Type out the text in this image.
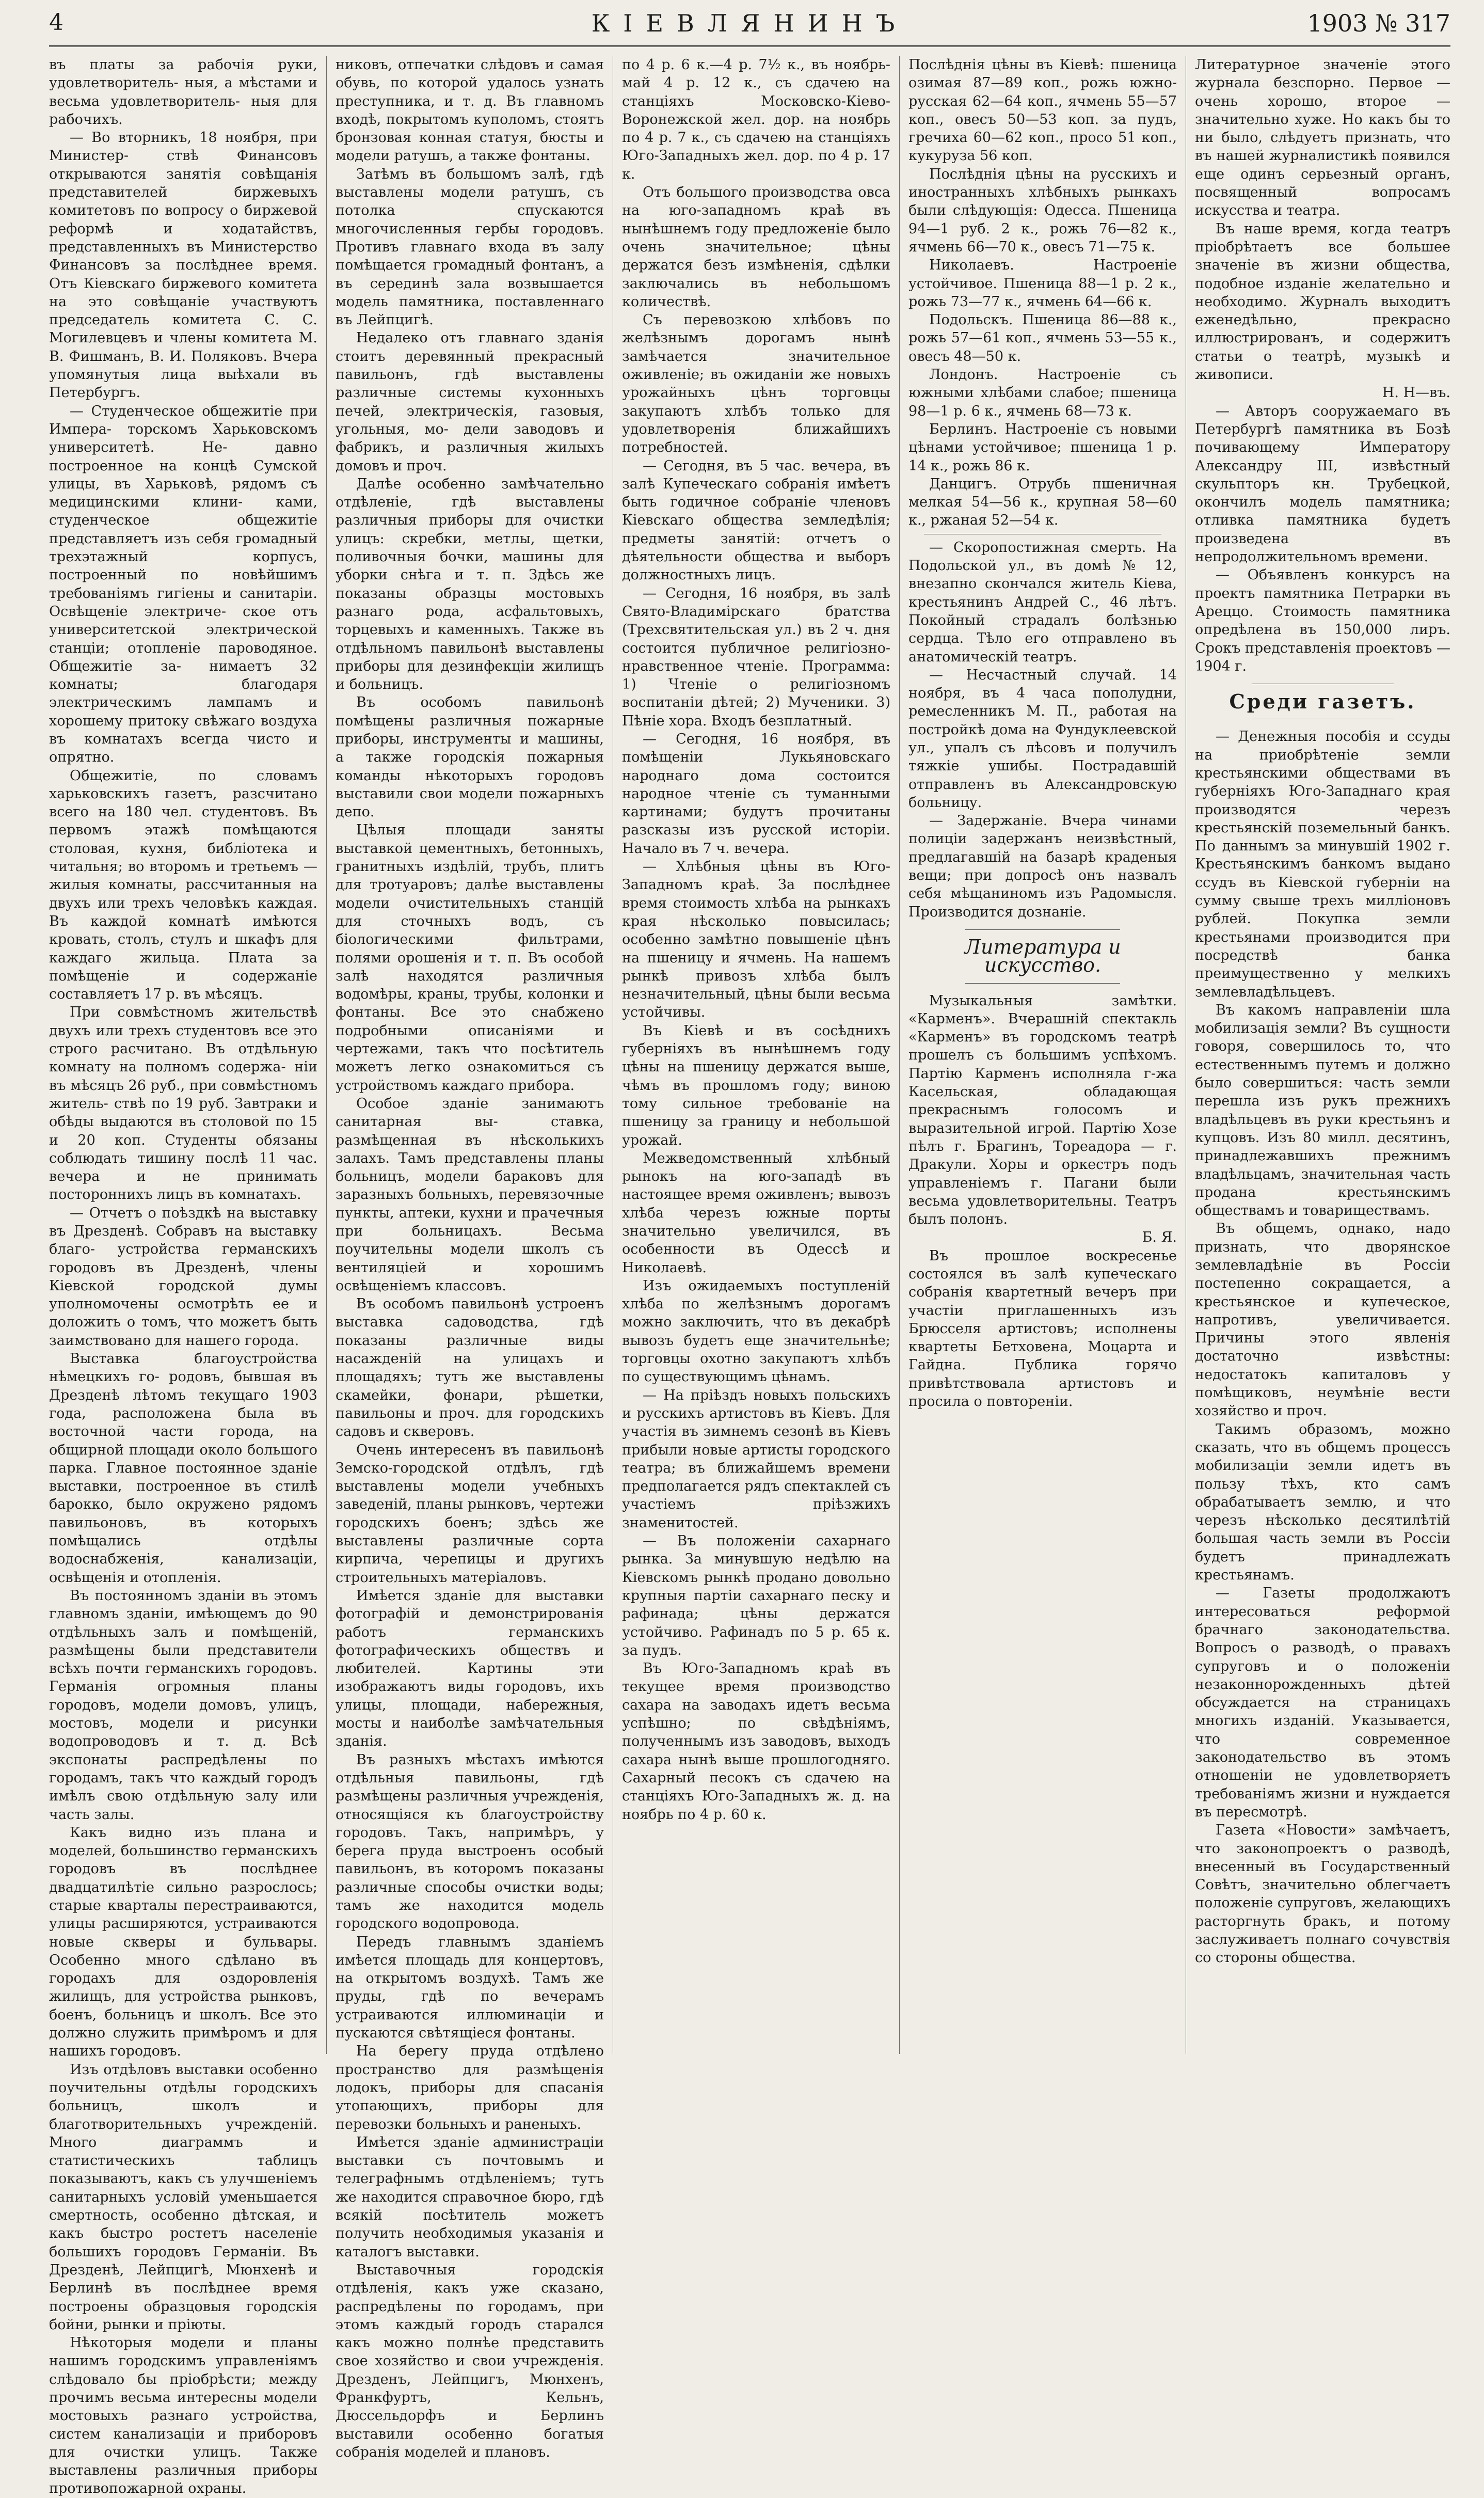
4	КІЕВЛЯНИНЪ	1903 № 317

въ платы за рабочія руки, удовлетворитель- ныя, а мѣстами и весьма удовлетворитель- ныя для рабочихъ.

— Во вторникъ, 18 ноября, при Министер- ствѣ Финансовъ открываются занятія совѣщанія представителей биржевыхъ комитетовъ по вопросу о биржевой реформѣ и ходатайствъ, представленныхъ въ Министерство Финансовъ за послѣднее время. Отъ Кіевскаго биржевого комитета на это совѣщаніе участвуютъ председатель комитета С. С. Могилевцевъ и члены комитета М. В. Фишманъ, В. И. Поляковъ. Вчера упомянутыя лица выѣхали въ Петербургъ.

— Студенческое общежитіе при Импера- торскомъ Харьковскомъ университетѣ. Не- давно построенное на концѣ Сумской улицы, въ Харьковѣ, рядомъ съ медицинскими клини- ками, студенческое общежитіе представляетъ изъ себя громадный трехэтажный корпусъ, построенный по новѣйшимъ требованіямъ гигіены и санитаріи. Освѣщеніе электриче- ское отъ университетской электрической станціи; отопленіе пароводяное. Общежитіе за- нимаетъ 32 комнаты; благодаря электрическимъ лампамъ и хорошему притоку свѣжаго воздуха въ комнатахъ всегда чисто и опрятно.

Общежитіе, по словамъ харьковскихъ газетъ, разсчитано всего на 180 чел. студентовъ. Въ первомъ этажѣ помѣщаются столовая, кухня, библіотека и читальня; во второмъ и третьемъ — жилыя комнаты, рассчитанныя на двухъ или трехъ человѣкъ каждая. Въ каждой комнатѣ имѣются кровать, столъ, стулъ и шкафъ для каждаго жильца. Плата за помѣщеніе и содержаніе составляетъ 17 р. въ мѣсяцъ.

При совмѣстномъ жительствѣ двухъ или трехъ студентовъ все это строго расчитано. Въ отдѣльную комнату на полномъ содержа- ніи въ мѣсяцъ 26 руб., при совмѣстномъ житель- ствѣ по 19 руб. Завтраки и обѣды выдаются въ столовой по 15 и 20 коп. Студенты обязаны соблюдать тишину послѣ 11 час. вечера и не принимать постороннихъ лицъ въ комнатахъ.

— Отчетъ о поѣздкѣ на выставку въ Дрезденѣ. Собравъ на выставку благо- устройства германскихъ городовъ въ Дрезденѣ, члены Кіевской городской думы уполномочены осмотрѣть ее и доложить о томъ, что можетъ быть заимствовано для нашего города.

Выставка благоустройства нѣмецкихъ го- родовъ, бывшая въ Дрезденѣ лѣтомъ текущаго 1903 года, расположена была въ восточной части города, на общирной площади около большого парка. Главное постоянное зданіе выставки, построенное въ стилѣ барокко, было окружено рядомъ павильоновъ, въ которыхъ помѣщались отдѣлы водоснабженія, канализаціи, освѣщенія и отопленія.

Въ постоянномъ зданіи въ этомъ главномъ зданіи, имѣющемъ до 90 отдѣльныхъ залъ и помѣщеній, размѣщены были представители всѣхъ почти германскихъ городовъ. Германія огромныя планы городовъ, модели домовъ, улицъ, мостовъ, модели и рисунки водопроводовъ и т. д. Всѣ экспонаты распредѣлены по городамъ, такъ что каждый городъ имѣлъ свою отдѣльную залу или часть залы.

Какъ видно изъ плана и моделей, большинство германскихъ городовъ въ послѣднее двадцатилѣтіе сильно разрослось; старые кварталы перестраиваются, улицы расширяются, устраиваются новые скверы и бульвары. Особенно много сдѣлано въ городахъ для оздоровленія жилищъ, для устройства рынковъ, боенъ, больницъ и школъ. Все это должно служить примѣромъ и для нашихъ городовъ.

Изъ отдѣловъ выставки особенно поучительны отдѣлы городскихъ больницъ, школъ и благотворительныхъ учрежденій. Много диаграммъ и статистическихъ таблицъ показываютъ, какъ съ улучшеніемъ санитарныхъ условій уменьшается смертность, особенно дѣтская, и какъ быстро ростетъ населеніе большихъ городовъ Германіи. Въ Дрезденѣ, Лейпцигѣ, Мюнхенѣ и Берлинѣ въ послѣднее время построены образцовыя городскія бойни, рынки и пріюты.

Нѣкоторыя модели и планы нашимъ городскимъ управленіямъ слѣдовало бы пріобрѣсти; между прочимъ весьма интересны модели мостовыхъ разнаго устройства, систем канализаціи и приборовъ для очистки улицъ. Также выставлены различныя приборы противопожарной охраны.

никовъ, отпечатки слѣдовъ и самая обувь, по которой удалось узнать преступника, и т. д. Въ главномъ входѣ, покрытомъ куполомъ, стоятъ бронзовая конная статуя, бюсты и модели ратушъ, а также фонтаны.

Затѣмъ въ большомъ залѣ, гдѣ выставлены модели ратушъ, съ потолка спускаются многочисленныя гербы городовъ. Противъ главнаго входа въ залу помѣщается громадный фонтанъ, а въ серединѣ зала возвышается модель памятника, поставленнаго въ Лейпцигѣ.

Недалеко отъ главнаго зданія стоитъ деревянный прекрасный павильонъ, гдѣ выставлены различные системы кухонныхъ печей, электрическія, газовыя, угольныя, мо- дели заводовъ и фабрикъ, и различныя жилыхъ домовъ и проч.

Далѣе особенно замѣчательно отдѣленіе, гдѣ выставлены различныя приборы для очистки улицъ: скребки, метлы, щетки, поливочныя бочки, машины для уборки снѣга и т. п. Здѣсь же показаны образцы мостовыхъ разнаго рода, асфальтовыхъ, торцевыхъ и каменныхъ. Также въ отдѣльномъ павильонѣ выставлены приборы для дезинфекціи жилищъ и больницъ.

Въ особомъ павильонѣ помѣщены различныя пожарные приборы, инструменты и машины, а также городскія пожарныя команды нѣкоторыхъ городовъ выставили свои модели пожарныхъ депо.

Цѣлыя площади заняты выставкой цементныхъ, бетонныхъ, гранитныхъ издѣлій, трубъ, плитъ для тротуаровъ; далѣе выставлены модели очистительныхъ станцій для сточныхъ водъ, съ біологическими фильтрами, полями орошенія и т. п. Въ особой залѣ находятся различныя водомѣры, краны, трубы, колонки и фонтаны. Все это снабжено подробными описаніями и чертежами, такъ что посѣтитель можетъ легко ознакомиться съ устройствомъ каждаго прибора.

Особое зданіе занимаютъ санитарная вы- ставка, размѣщенная въ нѣсколькихъ залахъ. Тамъ представлены планы больницъ, модели бараковъ для заразныхъ больныхъ, перевязочные пункты, аптеки, кухни и прачечныя при больницахъ. Весьма поучительны модели школъ съ вентиляціей и хорошимъ освѣщеніемъ классовъ.

Въ особомъ павильонѣ устроенъ выставка садоводства, гдѣ показаны различные виды насажденій на улицахъ и площадяхъ; тутъ же выставлены скамейки, фонари, рѣшетки, павильоны и проч. для городскихъ садовъ и скверовъ.

Очень интересенъ въ павильонѣ Земско-городской отдѣлъ, гдѣ выставлены модели учебныхъ заведеній, планы рынковъ, чертежи городскихъ боенъ; здѣсь же выставлены различные сорта кирпича, черепицы и другихъ строительныхъ матеріаловъ.

Имѣется зданіе для выставки фотографій и демонстрированія работъ германскихъ фотографическихъ обществъ и любителей. Картины эти изображаютъ виды городовъ, ихъ улицы, площади, набережныя, мосты и наиболѣе замѣчательныя зданія.

Въ разныхъ мѣстахъ имѣются отдѣльныя павильоны, гдѣ размѣщены различныя учрежденія, относящіяся къ благоустройству городовъ. Такъ, напримѣръ, у берега пруда выстроенъ особый павильонъ, въ которомъ показаны различные способы очистки воды; тамъ же находится модель городского водопровода.

Передъ главнымъ зданіемъ имѣется площадь для концертовъ, на открытомъ воздухѣ. Тамъ же пруды, гдѣ по вечерамъ устраиваются иллюминаціи и пускаются свѣтящіеся фонтаны.

На берегу пруда отдѣлено пространство для размѣщенія лодокъ, приборы для спасанія утопающихъ, приборы для перевозки больныхъ и раненыхъ.

Имѣется зданіе администраціи выставки съ почтовымъ и телеграфнымъ отдѣленіемъ; тутъ же находится справочное бюро, гдѣ всякій посѣтитель можетъ получить необходимыя указанія и каталогъ выставки.

Выставочныя городскія отдѣленія, какъ уже сказано, распредѣлены по городамъ, при этомъ каждый городъ старался какъ можно полнѣе представить свое хозяйство и свои учрежденія. Дрезденъ, Лейпцигъ, Мюнхенъ, Франкфуртъ, Кельнъ, Дюссельдорфъ и Берлинъ выставили особенно богатыя собранія моделей и плановъ.

по 4 р. 6 к.—4 р. 7½ к., въ ноябрь-май 4 р. 12 к., съ сдачею на станціяхъ Московско-Кіево-Воронежской жел. дор. на ноябрь по 4 р. 7 к., съ сдачею на станціяхъ Юго-Западныхъ жел. дор. по 4 р. 17 к.

Отъ большого производства овса на юго-западномъ краѣ въ нынѣшнемъ году предложеніе было очень значительное; цѣны держатся безъ измѣненія, сдѣлки заключались въ небольшомъ количествѣ.

Съ перевозкою хлѣбовъ по желѣзнымъ дорогамъ нынѣ замѣчается значительное оживленіе; въ ожиданіи же новыхъ урожайныхъ цѣнъ торговцы закупаютъ хлѣбъ только для удовлетворенія ближайшихъ потребностей.

— Сегодня, въ 5 час. вечера, въ залѣ Купеческаго собранія имѣетъ быть годичное собраніе членовъ Кіевскаго общества земледѣлія; предметы занятій: отчетъ о дѣятельности общества и выборъ должностныхъ лицъ.

— Сегодня, 16 ноября, въ залѣ Свято-Владимірскаго братства (Трехсвятительская ул.) въ 2 ч. дня состоится публичное религіозно-нравственное чтеніе. Программа: 1) Чтеніе о религіозномъ воспитаніи дѣтей; 2) Мученики. 3) Пѣніе хора. Входъ безплатный.

— Сегодня, 16 ноября, въ помѣщеніи Лукьяновскаго народнаго дома состоится народное чтеніе съ туманными картинами; будутъ прочитаны разсказы изъ русской исторіи. Начало въ 7 ч. вечера.

— Хлѣбныя цѣны въ Юго-Западномъ краѣ. За послѣднее время стоимость хлѣба на рынкахъ края нѣсколько повысилась; особенно замѣтно повышеніе цѣнъ на пшеницу и ячмень. На нашемъ рынкѣ привозъ хлѣба былъ незначительный, цѣны были весьма устойчивы.

Въ Кіевѣ и въ сосѣднихъ губерніяхъ въ нынѣшнемъ году цѣны на пшеницу держатся выше, чѣмъ въ прошломъ году; виною тому сильное требованіе на пшеницу за границу и небольшой урожай.

Межведомственный хлѣбный рынокъ на юго-западѣ въ настоящее время оживленъ; вывозъ хлѣба черезъ южные порты значительно увеличился, въ особенности въ Одессѣ и Николаевѣ.

Изъ ожидаемыхъ поступленій хлѣба по желѣзнымъ дорогамъ можно заключить, что въ декабрѣ вывозъ будетъ еще значительнѣе; торговцы охотно закупаютъ хлѣбъ по существующимъ цѣнамъ.

— На пріѣздъ новыхъ польскихъ и русскихъ артистовъ въ Кіевъ. Для участія въ зимнемъ сезонѣ въ Кіевъ прибыли новые артисты городского театра; въ ближайшемъ времени предполагается рядъ спектаклей съ участіемъ пріѣзжихъ знаменитостей.

— Въ положеніи сахарнаго рынка. За минувшую недѣлю на Кіевскомъ рынкѣ продано довольно крупныя партіи сахарнаго песку и рафинада; цѣны держатся устойчиво. Рафинадъ по 5 р. 65 к. за пудъ.

Въ Юго-Западномъ краѣ въ текущее время производство сахара на заводахъ идетъ весьма успѣшно; по свѣдѣніямъ, полученнымъ изъ заводовъ, выходъ сахара нынѣ выше прошлогодняго. Сахарный песокъ съ сдачею на станціяхъ Юго-Западныхъ ж. д. на ноябрь по 4 р. 60 к.

Послѣднія цѣны въ Кіевѣ: пшеница озимая 87—89 коп., рожь южно-русская 62—64 коп., ячмень 55—57 коп., овесъ 50—53 коп. за пудъ, гречиха 60—62 коп., просо 51 коп., кукуруза 56 коп.

Послѣднія цѣны на русскихъ и иностранныхъ хлѣбныхъ рынкахъ были слѣдующія: Одесса. Пшеница 94—1 руб. 2 к., рожь 76—82 к., ячмень 66—70 к., овесъ 71—75 к.

Николаевъ. Настроеніе устойчивое. Пшеница 88—1 р. 2 к., рожь 73—77 к., ячмень 64—66 к.

Подольскъ. Пшеница 86—88 к., рожь 57—61 коп., ячмень 53—55 к., овесъ 48—50 к.

Лондонъ. Настроеніе съ южными хлѣбами слабое; пшеница 98—1 р. 6 к., ячмень 68—73 к.

Берлинъ. Настроеніе съ новыми цѣнами устойчивое; пшеница 1 р. 14 к., рожь 86 к.

Данцигъ. Отрубь пшеничная мелкая 54—56 к., крупная 58—60 к., ржаная 52—54 к.

— Скоропостижная смерть. На Подольской ул., въ домѣ № 12, внезапно скончался житель Кіева, крестьянинъ Андрей С., 46 лѣтъ. Покойный страдалъ болѣзнью сердца. Тѣло его отправлено въ анатомическій театръ.

— Несчастный случай. 14 ноября, въ 4 часа пополудни, ремесленникъ М. П., работая на постройкѣ дома на Фундуклеевской ул., упалъ съ лѣсовъ и получилъ тяжкіе ушибы. Пострадавшій отправленъ въ Александровскую больницу.

— Задержаніе. Вчера чинами полиціи задержанъ неизвѣстный, предлагавшій на базарѣ краденыя вещи; при допросѣ онъ назвалъ себя мѣщаниномъ изъ Радомысля. Производится дознаніе.

Литература и искусство.

Музыкальныя замѣтки. «Карменъ». Вчерашній спектакль «Карменъ» въ городскомъ театрѣ прошелъ съ большимъ успѣхомъ. Партію Карменъ исполняла г-жа Касельская, обладающая прекраснымъ голосомъ и выразительной игрой. Партію Хозе пѣлъ г. Брагинъ, Тореадора — г. Дракули. Хоры и оркестръ подъ управленіемъ г. Пагани были весьма удовлетворительны. Театръ былъ полонъ.

Б. Я.

Въ прошлое воскресенье состоялся въ залѣ купеческаго собранія квартетный вечеръ при участіи приглашенныхъ изъ Брюсселя артистовъ; исполнены квартеты Бетховена, Моцарта и Гайдна. Публика горячо привѣтствовала артистовъ и просила о повтореніи.

Литературное значеніе этого журнала безспорно. Первое — очень хорошо, второе — значительно хуже. Но какъ бы то ни было, слѣдуетъ признать, что въ нашей журналистикѣ появился еще одинъ серьезный органъ, посвященный вопросамъ искусства и театра.

Въ наше время, когда театръ пріобрѣтаетъ все большее значеніе въ жизни общества, подобное изданіе желательно и необходимо. Журналъ выходитъ еженедѣльно, прекрасно иллюстрированъ, и содержитъ статьи о театрѣ, музыкѣ и живописи.

Н. Н—въ.

— Авторъ сооружаемаго въ Петербургѣ памятника въ Бозѣ почивающему Императору Александру III, извѣстный скульпторъ кн. Трубецкой, окончилъ модель памятника; отливка памятника будетъ произведена въ непродолжительномъ времени.

— Объявленъ конкурсъ на проектъ памятника Петрарки въ Ареццо. Стоимость памятника опредѣлена въ 150,000 лиръ. Срокъ представленія проектовъ — 1904 г.

Среди газетъ.

— Денежныя пособія и ссуды на приобрѣтеніе земли крестьянскими обществами въ губерніяхъ Юго-Западнаго края производятся черезъ крестьянскій поземельный банкъ. По даннымъ за минувшій 1902 г. Крестьянскимъ банкомъ выдано ссудъ въ Кіевской губерніи на сумму свыше трехъ милліоновъ рублей. Покупка земли крестьянами производится при посредствѣ банка преимущественно у мелкихъ землевладѣльцевъ.

Въ какомъ направленіи шла мобилизація земли? Въ сущности говоря, совершилось то, что естественнымъ путемъ и должно было совершиться: часть земли перешла изъ рукъ прежнихъ владѣльцевъ въ руки крестьянъ и купцовъ. Изъ 80 милл. десятинъ, принадлежавшихъ прежнимъ владѣльцамъ, значительная часть продана крестьянскимъ обществамъ и товариществамъ.

Въ общемъ, однако, надо признать, что дворянское землевладѣніе въ Россіи постепенно сокращается, а крестьянское и купеческое, напротивъ, увеличивается. Причины этого явленія достаточно извѣстны: недостатокъ капиталовъ у помѣщиковъ, неумѣніе вести хозяйство и проч.

Такимъ образомъ, можно сказать, что въ общемъ процессъ мобилизаціи земли идетъ въ пользу тѣхъ, кто самъ обрабатываетъ землю, и что черезъ нѣсколько десятилѣтій большая часть земли въ Россіи будетъ принадлежать крестьянамъ.

— Газеты продолжаютъ интересоваться реформой брачнаго законодательства. Вопросъ о разводѣ, о правахъ супруговъ и о положеніи незаконнорожденныхъ дѣтей обсуждается на страницахъ многихъ изданій. Указывается, что современное законодательство въ этомъ отношеніи не удовлетворяетъ требованіямъ жизни и нуждается въ пересмотрѣ.

Газета «Новости» замѣчаетъ, что законопроектъ о разводѣ, внесенный въ Государственный Совѣтъ, значительно облегчаетъ положеніе супруговъ, желающихъ расторгнуть бракъ, и потому заслуживаетъ полнаго сочувствія со стороны общества.
